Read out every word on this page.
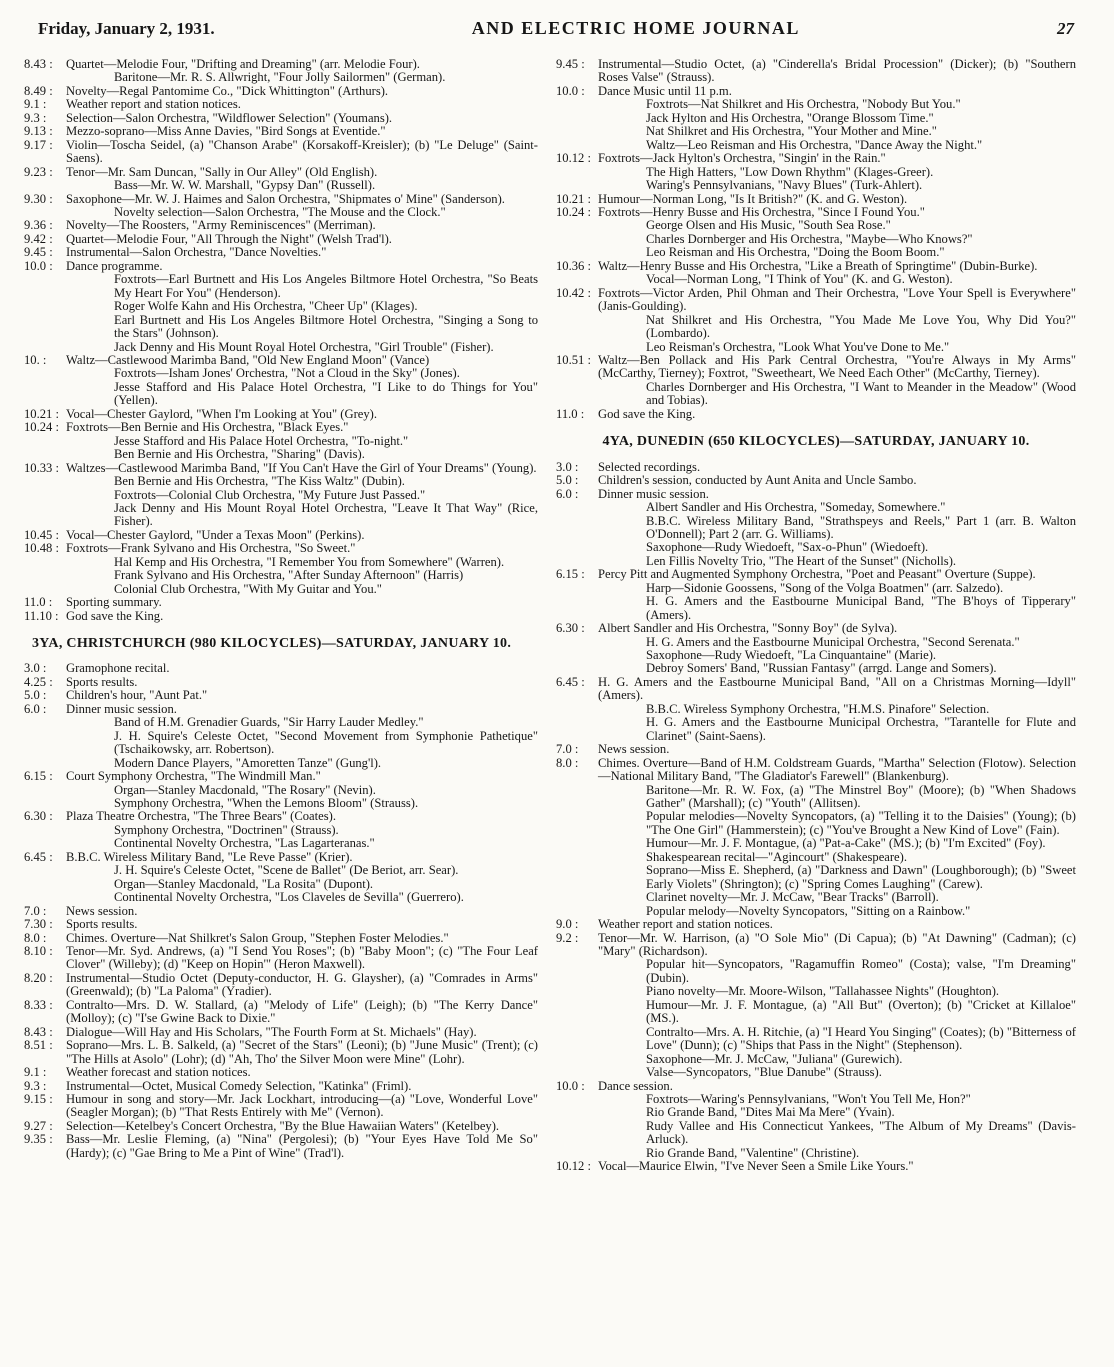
Friday, January 2, 1931.	AND ELECTRIC HOME JOURNAL	27
8.43 :	Quartet—Melodie Four, "Drifting and Dreaming" (arr. Melodie Four).
Baritone—Mr. R. S. Allwright, "Four Jolly Sailormen" (German).
8.49 :	Novelty—Regal Pantomime Co., "Dick Whittington" (Arthurs).
9.1 :	Weather report and station notices.
9.3 :	Selection—Salon Orchestra, "Wildflower Selection" (Youmans).
9.13 :	Mezzo-soprano—Miss Anne Davies, "Bird Songs at Eventide."
9.17 :	Violin—Toscha Seidel, (a) "Chanson Arabe" (Korsakoff-Kreisler); (b) "Le Deluge" (Saint-Saens).
9.23 :	Tenor—Mr. Sam Duncan, "Sally in Our Alley" (Old English).
Bass—Mr. W. W. Marshall, "Gypsy Dan" (Russell).
9.30 :	Saxophone—Mr. W. J. Haimes and Salon Orchestra, "Shipmates o' Mine" (Sanderson).
Novelty selection—Salon Orchestra, "The Mouse and the Clock."
9.36 :	Novelty—The Roosters, "Army Reminiscences" (Merriman).
9.42 :	Quartet—Melodie Four, "All Through the Night" (Welsh Trad'l).
9.45 :	Instrumental—Salon Orchestra, "Dance Novelties."
10.0 :	Dance programme.
Foxtrots—Earl Burtnett and His Los Angeles Biltmore Hotel Orchestra, "So Beats My Heart For You" (Henderson).
Roger Wolfe Kahn and His Orchestra, "Cheer Up" (Klages).
Earl Burtnett and His Los Angeles Biltmore Hotel Orchestra, "Singing a Song to the Stars" (Johnson).
Jack Denny and His Mount Royal Hotel Orchestra, "Girl Trouble" (Fisher).
10. :	Waltz—Castlewood Marimba Band, "Old New England Moon" (Vance)
Foxtrots—Isham Jones' Orchestra, "Not a Cloud in the Sky" (Jones).
Jesse Stafford and His Palace Hotel Orchestra, "I Like to do Things for You" (Yellen).
10.21 : Vocal—Chester Gaylord, "When I'm Looking at You" (Grey).
10.24 : Foxtrots—Ben Bernie and His Orchestra, "Black Eyes."
Jesse Stafford and His Palace Hotel Orchestra, "To-night."
Ben Bernie and His Orchestra, "Sharing" (Davis).
10.33 : Waltzes—Castlewood Marimba Band, "If You Can't Have the Girl of Your Dreams" (Young).
Ben Bernie and His Orchestra, "The Kiss Waltz" (Dubin).
Foxtrots—Colonial Club Orchestra, "My Future Just Passed."
Jack Denny and His Mount Royal Hotel Orchestra, "Leave It That Way" (Rice, Fisher).
10.45 : Vocal—Chester Gaylord, "Under a Texas Moon" (Perkins).
10.48 : Foxtrots—Frank Sylvano and His Orchestra, "So Sweet."
Hal Kemp and His Orchestra, "I Remember You from Somewhere" (Warren).
Frank Sylvano and His Orchestra, "After Sunday Afternoon" (Harris)
Colonial Club Orchestra, "With My Guitar and You."
11.0 :	Sporting summary.
11.10 : God save the King.
3YA, CHRISTCHURCH (980 KILOCYCLES)—SATURDAY, JANUARY 10.
3.0 :	Gramophone recital.
4.25 :	Sports results.
5.0 :	Children's hour, "Aunt Pat."
6.0 :	Dinner music session.
Band of H.M. Grenadier Guards, "Sir Harry Lauder Medley."
J. H. Squire's Celeste Octet, "Second Movement from Symphonie Pathetique" (Tschaikowsky, arr. Robertson).
Modern Dance Players, "Amoretten Tanze" (Gung'l).
6.15 :	Court Symphony Orchestra, "The Windmill Man."
Organ—Stanley Macdonald, "The Rosary" (Nevin).
Symphony Orchestra, "When the Lemons Bloom" (Strauss).
6.30 :	Plaza Theatre Orchestra, "The Three Bears" (Coates).
Symphony Orchestra, "Doctrinen" (Strauss).
Continental Novelty Orchestra, "Las Lagarteranas."
6.45 :	B.B.C. Wireless Military Band, "Le Reve Passe" (Krier).
J. H. Squire's Celeste Octet, "Scene de Ballet" (De Beriot, arr. Sear).
Organ—Stanley Macdonald, "La Rosita" (Dupont).
Continental Novelty Orchestra, "Los Claveles de Sevilla" (Guerrero).
7.0 :	News session.
7.30 :	Sports results.
8.0 :	Chimes. Overture—Nat Shilkret's Salon Group, "Stephen Foster Melodies."
8.10 :	Tenor—Mr. Syd. Andrews, (a) "I Send You Roses"; (b) "Baby Moon"; (c) "The Four Leaf Clover" (Willeby); (d) "Keep on Hopin'" (Heron Maxwell).
8.20 :	Instrumental—Studio Octet (Deputy-conductor, H. G. Glaysher), (a) "Comrades in Arms" (Greenwald); (b) "La Paloma" (Yradier).
8.33 :	Contralto—Mrs. D. W. Stallard, (a) "Melody of Life" (Leigh); (b) "The Kerry Dance" (Molloy); (c) "I'se Gwine Back to Dixie."
8.43 :	Dialogue—Will Hay and His Scholars, "The Fourth Form at St. Michaels" (Hay).
8.51 :	Soprano—Mrs. L. B. Salkeld, (a) "Secret of the Stars" (Leoni); (b) "June Music" (Trent); (c) "The Hills at Asolo" (Lohr); (d) "Ah, Tho' the Silver Moon were Mine" (Lohr).
9.1 :	Weather forecast and station notices.
9.3 :	Instrumental—Octet, Musical Comedy Selection, "Katinka" (Friml).
9.15 :	Humour in song and story—Mr. Jack Lockhart, introducing—(a) "Love, Wonderful Love" (Seagler Morgan); (b) "That Rests Entirely with Me" (Vernon).
9.27 :	Selection—Ketelbey's Concert Orchestra, "By the Blue Hawaiian Waters" (Ketelbey).
9.35 :	Bass—Mr. Leslie Fleming, (a) "Nina" (Pergolesi); (b) "Your Eyes Have Told Me So" (Hardy); (c) "Gae Bring to Me a Pint of Wine" (Trad'l).
9.45 :	Instrumental—Studio Octet, (a) "Cinderella's Bridal Procession" (Dicker); (b) "Southern Roses Valse" (Strauss).
10.0 :	Dance Music until 11 p.m.
Foxtrots—Nat Shilkret and His Orchestra, "Nobody But You."
Jack Hylton and His Orchestra, "Orange Blossom Time."
Nat Shilkret and His Orchestra, "Your Mother and Mine."
Waltz—Leo Reisman and His Orchestra, "Dance Away the Night."
10.12 : Foxtrots—Jack Hylton's Orchestra, "Singin' in the Rain."
The High Hatters, "Low Down Rhythm" (Klages-Greer).
Waring's Pennsylvanians, "Navy Blues" (Turk-Ahlert).
10.21 : Humour—Norman Long, "Is It British?" (K. and G. Weston).
10.24 : Foxtrots—Henry Busse and His Orchestra, "Since I Found You."
George Olsen and His Music, "South Sea Rose."
Charles Dornberger and His Orchestra, "Maybe—Who Knows?"
Leo Reisman and His Orchestra, "Doing the Boom Boom."
10.36 : Waltz—Henry Busse and His Orchestra, "Like a Breath of Springtime" (Dubin-Burke).
Vocal—Norman Long, "I Think of You" (K. and G. Weston).
10.42 : Foxtrots—Victor Arden, Phil Ohman and Their Orchestra, "Love Your Spell is Everywhere" (Janis-Goulding).
Nat Shilkret and His Orchestra, "You Made Me Love You, Why Did You?" (Lombardo).
Leo Reisman's Orchestra, "Look What You've Done to Me."
10.51 : Waltz—Ben Pollack and His Park Central Orchestra, "You're Always in My Arms" (McCarthy, Tierney); Foxtrot, "Sweetheart, We Need Each Other" (McCarthy, Tierney).
Charles Dornberger and His Orchestra, "I Want to Meander in the Meadow" (Wood and Tobias).
11.0 :	God save the King.
4YA, DUNEDIN (650 KILOCYCLES)—SATURDAY, JANUARY 10.
3.0 :	Selected recordings.
5.0 :	Children's session, conducted by Aunt Anita and Uncle Sambo.
6.0 :	Dinner music session.
Albert Sandler and His Orchestra, "Someday, Somewhere."
B.B.C. Wireless Military Band, "Strathspeys and Reels," Part 1 (arr. B. Walton O'Donnell); Part 2 (arr. G. Williams).
Saxophone—Rudy Wiedoeft, "Sax-o-Phun" (Wiedoeft).
Len Fillis Novelty Trio, "The Heart of the Sunset" (Nicholls).
6.15 :	Percy Pitt and Augmented Symphony Orchestra, "Poet and Peasant" Overture (Suppe).
Harp—Sidonie Goossens, "Song of the Volga Boatmen" (arr. Salzedo).
H. G. Amers and the Eastbourne Municipal Band, "The B'hoys of Tipperary" (Amers).
6.30 :	Albert Sandler and His Orchestra, "Sonny Boy" (de Sylva).
H. G. Amers and the Eastbourne Municipal Orchestra, "Second Serenata."
Saxophone—Rudy Wiedoeft, "La Cinquantaine" (Marie).
Debroy Somers' Band, "Russian Fantasy" (arrgd. Lange and Somers).
6.45 :	H. G. Amers and the Eastbourne Municipal Band, "All on a Christmas Morning—Idyll" (Amers).
B.B.C. Wireless Symphony Orchestra, "H.M.S. Pinafore" Selection.
H. G. Amers and the Eastbourne Municipal Orchestra, "Tarantelle for Flute and Clarinet" (Saint-Saens).
7.0 :	News session.
8.0 :	Chimes. Overture—Band of H.M. Coldstream Guards, "Martha" Selection (Flotow). Selection—National Military Band, "The Gladiator's Farewell" (Blankenburg).
Baritone—Mr. R. W. Fox, (a) "The Minstrel Boy" (Moore); (b) "When Shadows Gather" (Marshall); (c) "Youth" (Allitsen).
Popular melodies—Novelty Syncopators, (a) "Telling it to the Daisies" (Young); (b) "The One Girl" (Hammerstein); (c) "You've Brought a New Kind of Love" (Fain).
Humour—Mr. J. F. Montague, (a) "Pat-a-Cake" (MS.); (b) "I'm Excited" (Foy).
Shakespearean recital—"Agincourt" (Shakespeare).
Soprano—Miss E. Shepherd, (a) "Darkness and Dawn" (Loughborough); (b) "Sweet Early Violets" (Shrington); (c) "Spring Comes Laughing" (Carew).
Clarinet novelty—Mr. J. McCaw, "Bear Tracks" (Barroll).
Popular melody—Novelty Syncopators, "Sitting on a Rainbow."
9.0 :	Weather report and station notices.
9.2 :	Tenor—Mr. W. Harrison, (a) "O Sole Mio" (Di Capua); (b) "At Dawning" (Cadman); (c) "Mary" (Richardson).
Popular hit—Syncopators, "Ragamuffin Romeo" (Costa); valse, "I'm Dreaming" (Dubin).
Piano novelty—Mr. Moore-Wilson, "Tallahassee Nights" (Houghton).
Humour—Mr. J. F. Montague, (a) "All But" (Overton); (b) "Cricket at Killaloe" (MS.).
Contralto—Mrs. A. H. Ritchie, (a) "I Heard You Singing" (Coates); (b) "Bitterness of Love" (Dunn); (c) "Ships that Pass in the Night" (Stephenson).
Saxophone—Mr. J. McCaw, "Juliana" (Gurewich).
Valse—Syncopators, "Blue Danube" (Strauss).
10.0 :	Dance session.
Foxtrots—Waring's Pennsylvanians, "Won't You Tell Me, Hon?"
Rio Grande Band, "Dites Mai Ma Mere" (Yvain).
Rudy Vallee and His Connecticut Yankees, "The Album of My Dreams" (Davis-Arluck).
Rio Grande Band, "Valentine" (Christine).
10.12 : Vocal—Maurice Elwin, "I've Never Seen a Smile Like Yours."
